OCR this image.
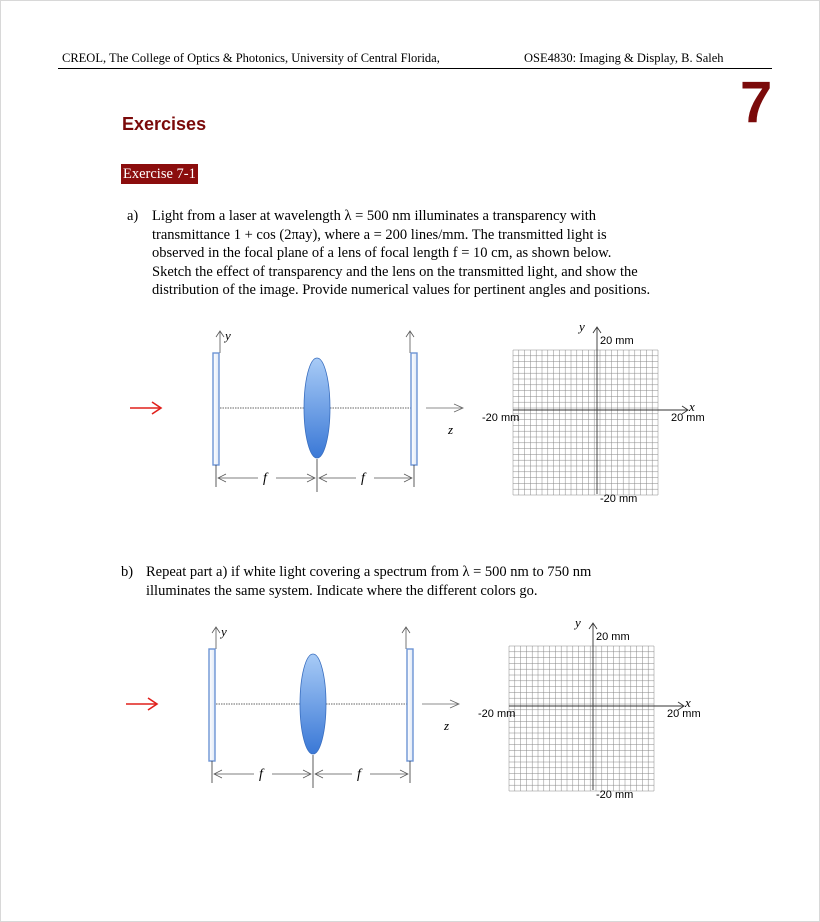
CREOL, The College of Optics & Photonics, University of Central Florida,	OSE4830: Imaging & Display, B. Saleh
7
Exercises
Exercise 7-1
a) Light from a laser at wavelength λ = 500 nm illuminates a transparency with
transmittance 1 + cos (2πay), where a = 200 lines/mm. The transmitted light is
observed in the focal plane of a lens of focal length f = 10 cm, as shown below.
Sketch the effect of transparency and the lens on the transmitted light, and show the
distribution of the image. Provide numerical values for pertinent angles and positions.
b) Repeat part a) if white light covering a spectrum from λ = 500 nm to 750 nm
illuminates the same system. Indicate where the different colors go.
y
z
f	f
y
x
20 mm
-20 mm
-20 mm	20 mm
y
z
f	f
y
x
20 mm
-20 mm
-20 mm	20 mm
